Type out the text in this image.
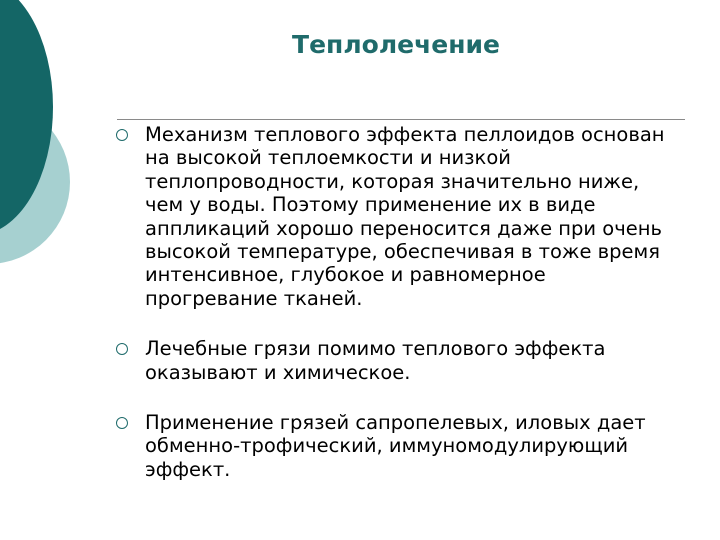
Теплолечение
Механизм теплового эффекта пеллоидов основан на высокой теплоемкости и низкой теплопроводности, которая значительно ниже, чем у воды. Поэтому применение их в виде аппликаций хорошо переносится даже при очень высокой температуре, обеспечивая в тоже время интенсивное, глубокое и равномерное прогревание тканей.
Лечебные грязи помимо теплового эффекта оказывают и химическое.
Применение грязей сапропелевых, иловых дает обменно-трофический, иммуномодулирующий эффект.
